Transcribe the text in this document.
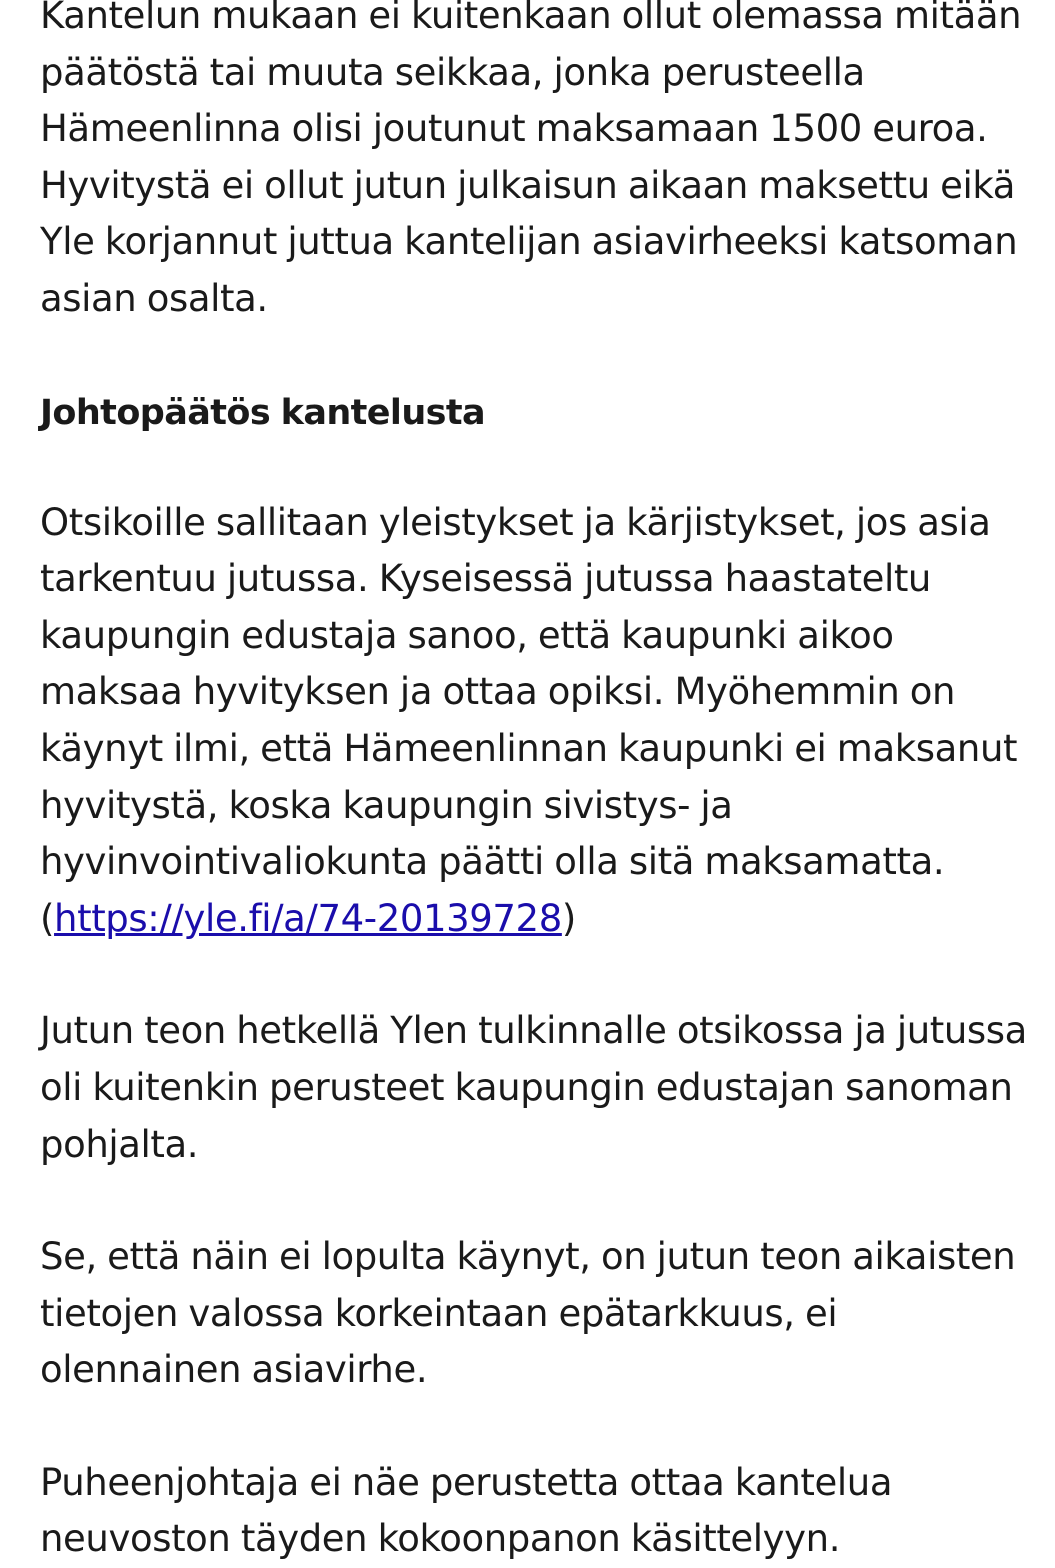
Kantelun mukaan ei kuitenkaan ollut olemassa mitään päätöstä tai muuta seikkaa, jonka perusteella Hämeenlinna olisi joutunut maksamaan 1500 euroa. Hyvitystä ei ollut jutun julkaisun aikaan maksettu eikä Yle korjannut juttua kantelijan asiavirheeksi katsoman asian osalta.

Johtopäätös kantelusta

Otsikoille sallitaan yleistykset ja kärjistykset, jos asia tarkentuu jutussa. Kyseisessä jutussa haastateltu kaupungin edustaja sanoo, että kaupunki aikoo maksaa hyvityksen ja ottaa opiksi. Myöhemmin on käynyt ilmi, että Hämeenlinnan kaupunki ei maksanut hyvitystä, koska kaupungin sivistys- ja hyvinvointivaliokunta päätti olla sitä maksamatta. (https://yle.fi/a/74-20139728)

Jutun teon hetkellä Ylen tulkinnalle otsikossa ja jutussa oli kuitenkin perusteet kaupungin edustajan sanoman pohjalta.

Se, että näin ei lopulta käynyt, on jutun teon aikaisten tietojen valossa korkeintaan epätarkkuus, ei olennainen asiavirhe.

Puheenjohtaja ei näe perustetta ottaa kantelua neuvoston täyden kokoonpanon käsittelyyn.
